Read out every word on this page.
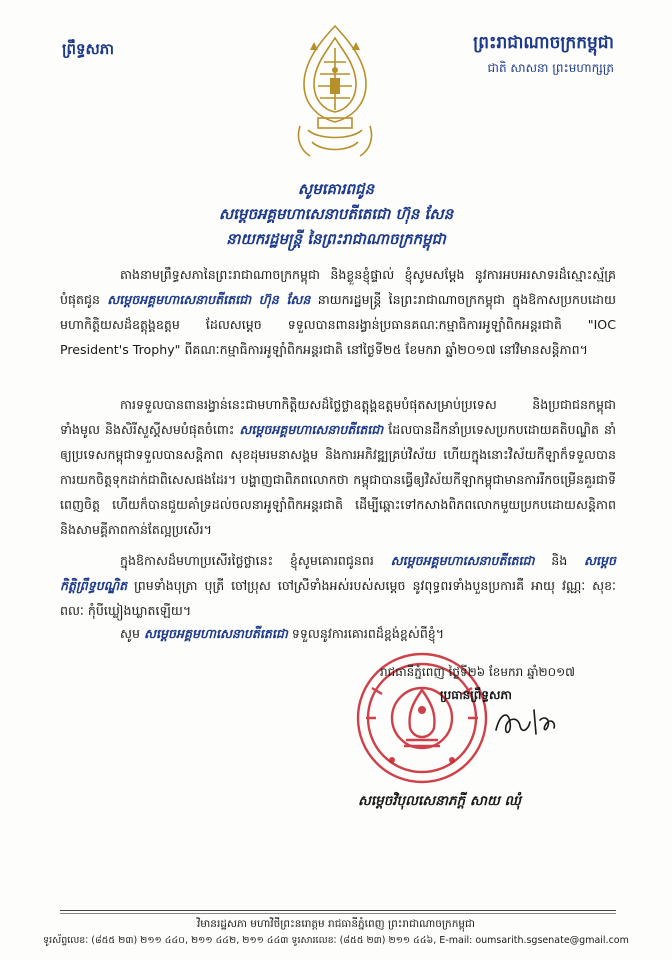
ព្រឹទ្ធសភា	ព្រះរាជាណាចក្រកម្ពុជា
ជាតិ សាសនា ព្រះមហាក្សត្រ
សូមគោរពជូន
សម្ដេចអគ្គមហាសេនាបតីតេជោ ហ៊ុន សែន
នាយករដ្ឋមន្ត្រី នៃព្រះរាជាណាចក្រកម្ពុជា
តាងនាមព្រឹទ្ធសភានៃព្រះរាជាណាចក្រកម្ពុជា និងខ្លួនខ្ញុំផ្ទាល់ ខ្ញុំសូមសម្ដែង នូវការអបអរសាទរដ៏ស្មោះស្ម័គ្របំផុតជូន សម្ដេចអគ្គមហាសេនាបតីតេជោ ហ៊ុន សែន នាយករដ្ឋមន្ត្រី នៃព្រះរាជាណាចក្រកម្ពុជា ក្នុងឱកាសប្រកបដោយមហាកិត្តិយសដ៏ឧត្តុង្គឧត្ដម ដែលសម្ដេច ទទួលបានពានរង្វាន់ប្រធានគណៈកម្មាធិការអូឡាំពិកអន្តរជាតិ "IOC President's Trophy" ពីគណៈកម្មាធិការអូឡាំពិកអន្តរជាតិ នៅថ្ងៃទី២៥ ខែមករា ឆ្នាំ២០១៧ នៅវិមានសន្តិភាព។
ការទទួលបានពានរង្វាន់នេះជាមហាកិត្តិយសដ៏ថ្លៃថ្លាឧត្តុង្គឧត្តមបំផុតសម្រាប់ប្រទេស និងប្រជាជនកម្ពុជាទាំងមូល និងសិរីសួស្តីសមបំផុតចំពោះ សម្ដេចអគ្គមហាសេនាបតីតេជោ ដែលបានដឹកនាំប្រទេសប្រកបដោយគតិបណ្ឌិត នាំឲ្យប្រទេសកម្ពុជាទទួលបានសន្តិភាព សុខដុមរមនាសង្គម និងការអភិវឌ្ឍគ្រប់វិស័យ ហើយក្នុងនោះវិស័យកីឡាក៏ទទួលបានការយកចិត្តទុកដាក់ជាពិសេសផងដែរ។ បង្ហាញជាពិភពលោកថា កម្ពុជាបានធ្វើឲ្យវិស័យកីឡាកម្ពុជាមានការរីកចម្រើនគួរជាទីពេញចិត្ត ហើយក៏បានជួយគាំទ្រដល់ចលនាអូឡាំពិកអន្តរជាតិ ដើម្បីឆ្ពោះទៅកសាងពិភពលោកមួយប្រកបដោយសន្តិភាព និងសាមគ្គីភាពកាន់តែល្អប្រសើរ។
ក្នុងឱកាសដ៏មហាប្រសើរថ្លៃថ្លានេះ ខ្ញុំសូមគោរពជូនពរ សម្ដេចអគ្គមហាសេនាបតីតេជោ និង សម្ដេចកិត្តិព្រឹទ្ធបណ្ឌិត ព្រមទាំងបុត្រា បុត្រី ចៅប្រុស ចៅស្រីទាំងអស់របស់សម្ដេច នូវពុទ្ធពរទាំងបួនប្រការគឺ អាយុ វណ្ណៈ សុខៈ ពលៈ កុំបីឃ្លៀងឃ្លាតឡើយ។
សូម សម្ដេចអគ្គមហាសេនាបតីតេជោ ទទួលនូវការគោរពដ៏ខ្ពង់ខ្ពស់ពីខ្ញុំ។
រាជធានីភ្នំពេញ ថ្ងៃទី២៦ ខែមករា ឆ្នាំ២០១៧
ប្រធានព្រឹទ្ធសភា
សម្ដេចវិបុលសេនាភក្តី សាយ ឈុំ
វិមានរដ្ឋសភា មហាវិថីព្រះនរោត្តម រាជធានីភ្នំពេញ ព្រះរាជាណាចក្រកម្ពុជា
ទូរស័ព្ទលេខៈ (៨៥៥ ២៣) ២១១ ៤៤០, ២១១ ៤៤២, ២១១ ៤៤៣ ទូរសារលេខៈ (៨៥៥ ២៣) ២១១ ៤៤៦, E-mail: oumsarith.sgsenate@gmail.com
